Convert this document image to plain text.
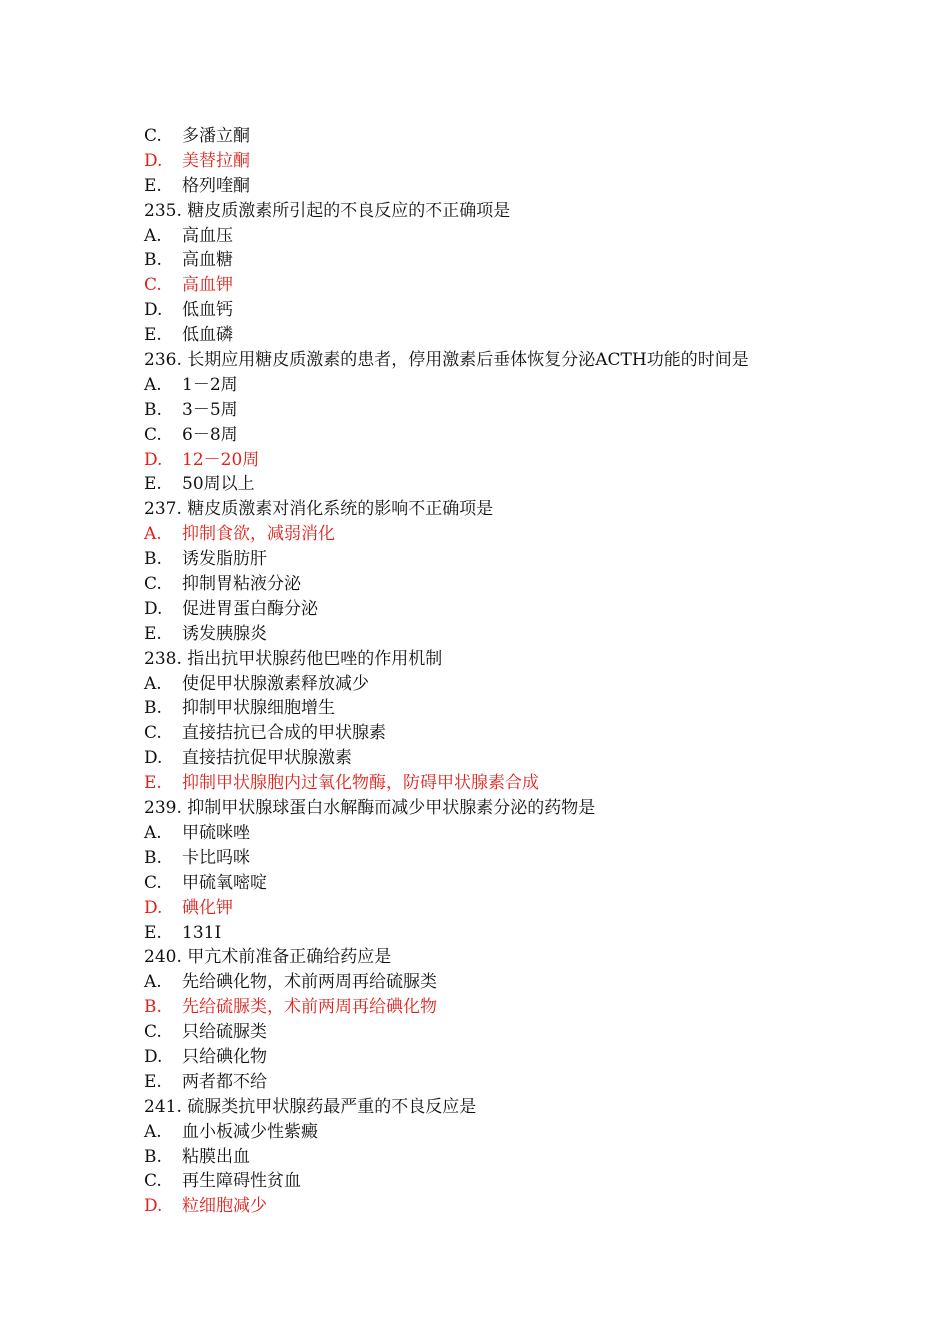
C.	多潘立酮
D.	美替拉酮
E.	格列喹酮
235. 糖皮质激素所引起的不良反应的不正确项是
A.	高血压
B.	高血糖
C.	高血钾
D.	低血钙
E.	低血磷
236. 长期应用糖皮质激素的患者，停用激素后垂体恢复分泌ACTH功能的时间是
A.	1－2周
B.	3－5周
C.	6－8周
D.	12－20周
E.	50周以上
237. 糖皮质激素对消化系统的影响不正确项是
A.	抑制食欲，减弱消化
B.	诱发脂肪肝
C.	抑制胃粘液分泌
D.	促进胃蛋白酶分泌
E.	诱发胰腺炎
238. 指出抗甲状腺药他巴唑的作用机制
A.	使促甲状腺激素释放减少
B.	抑制甲状腺细胞增生
C.	直接拮抗已合成的甲状腺素
D.	直接拮抗促甲状腺激素
E.	抑制甲状腺胞内过氧化物酶，防碍甲状腺素合成
239. 抑制甲状腺球蛋白水解酶而减少甲状腺素分泌的药物是
A.	甲硫咪唑
B.	卡比吗咪
C.	甲硫氧嘧啶
D.	碘化钾
E.	131I
240. 甲亢术前准备正确给药应是
A.	先给碘化物，术前两周再给硫脲类
B.	先给硫脲类，术前两周再给碘化物
C.	只给硫脲类
D.	只给碘化物
E.	两者都不给
241. 硫脲类抗甲状腺药最严重的不良反应是
A.	血小板减少性紫癜
B.	粘膜出血
C.	再生障碍性贫血
D.	粒细胞减少
